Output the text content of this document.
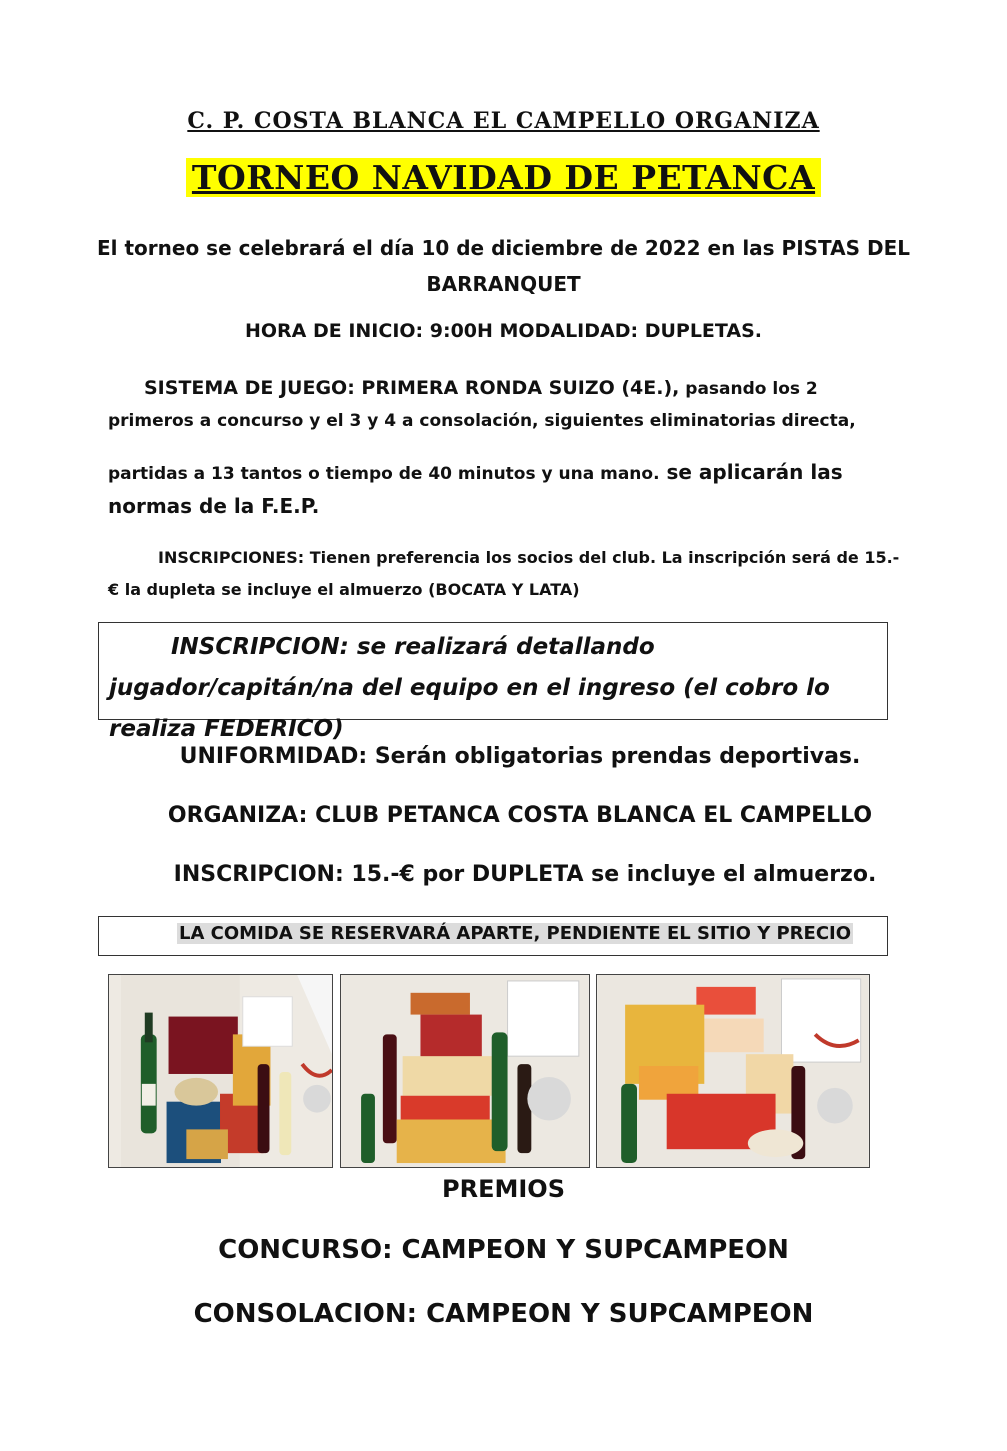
C. P. COSTA BLANCA EL CAMPELLO ORGANIZA
TORNEO NAVIDAD DE PETANCA
El torneo se celebrará el día 10 de diciembre de 2022 en las PISTAS DEL BARRANQUET
HORA DE INICIO: 9:00H MODALIDAD: DUPLETAS.
SISTEMA DE JUEGO: PRIMERA RONDA SUIZO (4E.), pasando los 2 primeros a concurso y el 3 y 4 a consolación, siguientes eliminatorias directa,
partidas a 13 tantos o tiempo de 40 minutos y una mano. se aplicarán las normas de la F.E.P.
INSCRIPCIONES: Tienen preferencia los socios del club. La inscripción será de 15.-€ la dupleta se incluye el almuerzo (BOCATA Y LATA)

INSCRIPCION: se realizará detallando jugador/capitán/na del equipo en el ingreso (el cobro lo realiza FEDERICO)

UNIFORMIDAD: Serán obligatorias prendas deportivas.
ORGANIZA: CLUB PETANCA COSTA BLANCA EL CAMPELLO
INSCRIPCION: 15.-€ por DUPLETA se incluye el almuerzo.
LA COMIDA SE RESERVARÁ APARTE, PENDIENTE EL SITIO Y PRECIO
PREMIOS
CONCURSO: CAMPEON Y SUPCAMPEON
CONSOLACION: CAMPEON Y SUPCAMPEON
